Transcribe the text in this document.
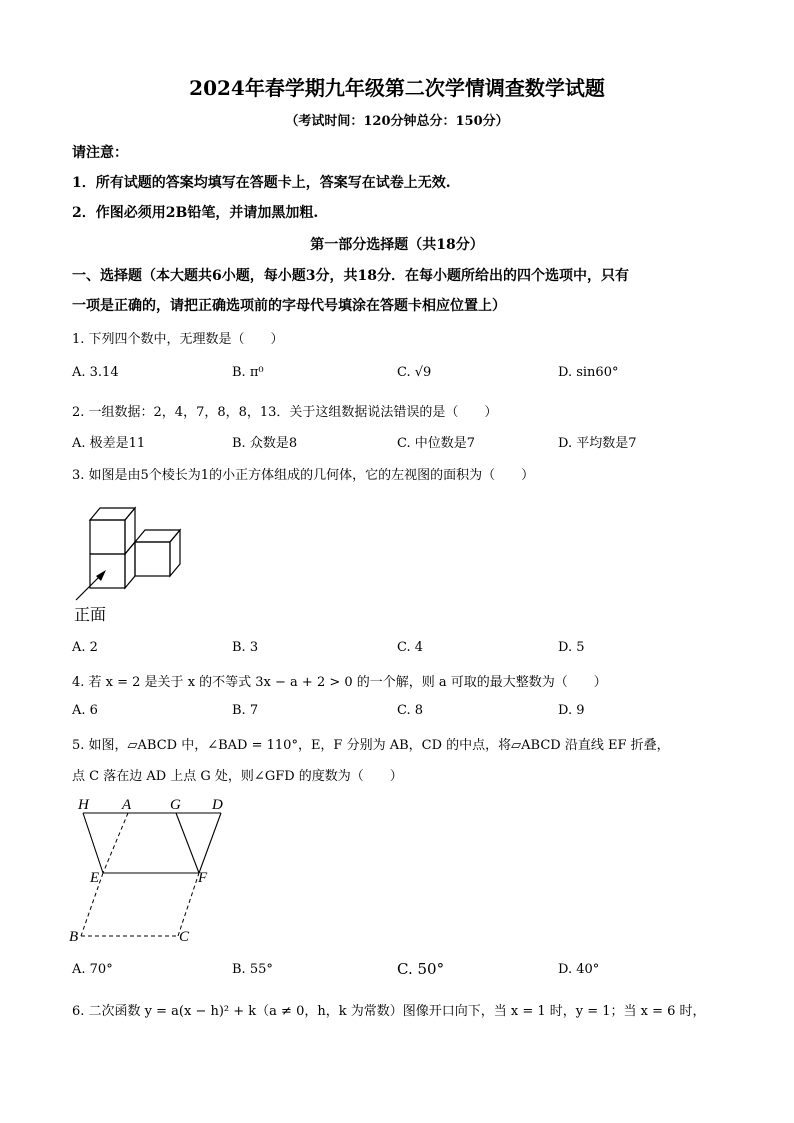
2024年春学期九年级第二次学情调查数学试题
（考试时间：120分钟总分：150分）
请注意：
1．所有试题的答案均填写在答题卡上，答案写在试卷上无效.
2．作图必须用2B铅笔，并请加黑加粗.
第一部分选择题（共18分）
一、选择题（本大题共6小题，每小题3分，共18分．在每小题所给出的四个选项中，只有
一项是正确的，请把正确选项前的字母代号填涂在答题卡相应位置上）
1. 下列四个数中，无理数是（　　）
A. 3.14	B. π⁰	C. √9	D. sin60°
2. 一组数据：2，4，7，8，8，13．关于这组数据说法错误的是（　　）
A. 极差是11	B. 众数是8	C. 中位数是7	D. 平均数是7
3. 如图是由5个棱长为1的小正方体组成的几何体，它的左视图的面积为（　　）
正面
A. 2	B. 3	C. 4	D. 5
4. 若 x = 2 是关于 x 的不等式 3x − a + 2 > 0 的一个解，则 a 可取的最大整数为（　　）
A. 6	B. 7	C. 8	D. 9
5. 如图，▱ABCD 中，∠BAD = 110°，E，F 分别为 AB，CD 的中点，将▱ABCD 沿直线 EF 折叠，
点 C 落在边 AD 上点 G 处，则∠GFD 的度数为（　　）
H A	G D
E	F
B	C
A. 70°	B. 55°	C. 50°	D. 40°
6. 二次函数 y = a(x − h)² + k（a ≠ 0，h，k 为常数）图像开口向下，当 x = 1 时，y = 1；当 x = 6 时，
